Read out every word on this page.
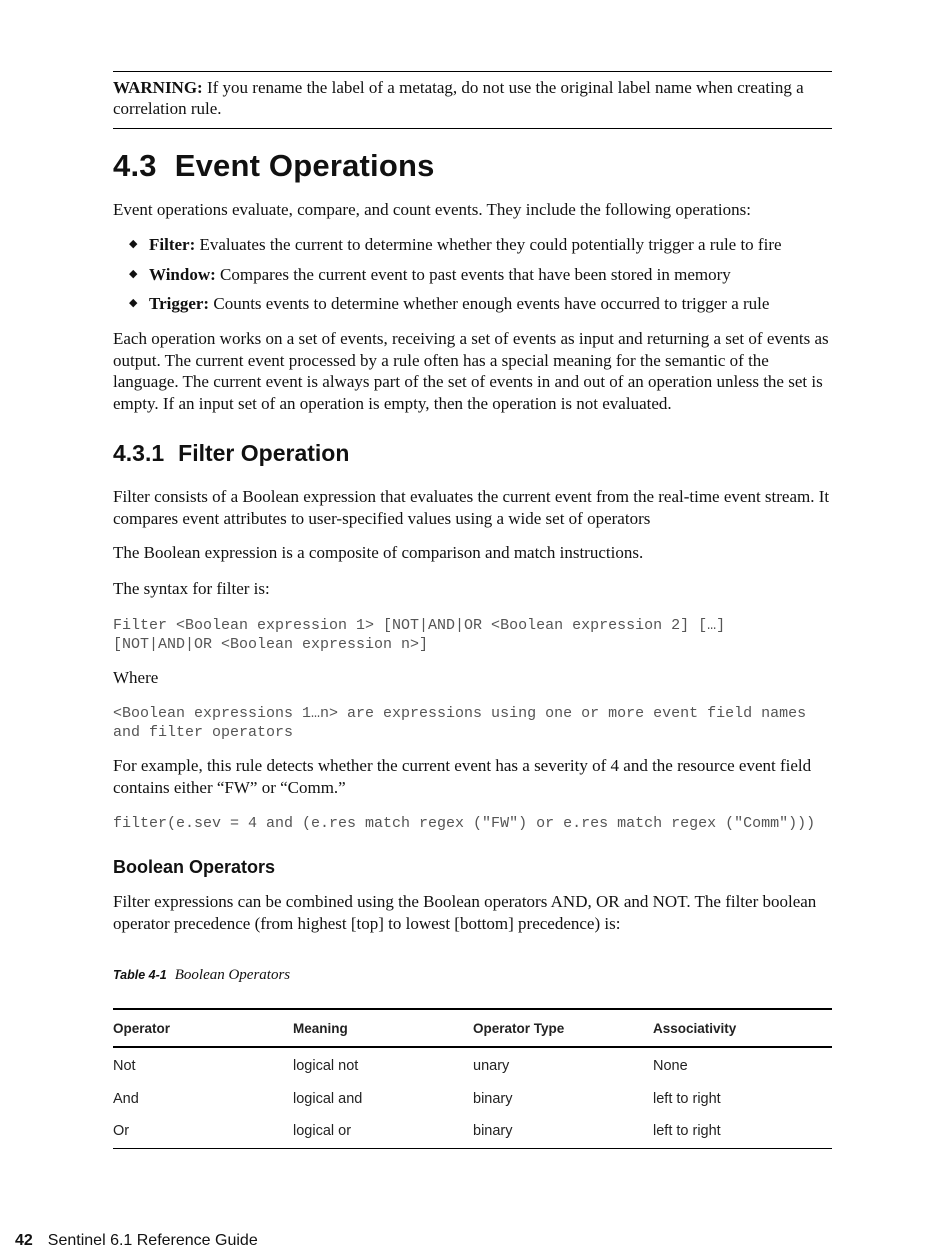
WARNING: If you rename the label of a metatag, do not use the original label name when creating a correlation rule.
4.3 Event Operations

Event operations evaluate, compare, and count events. They include the following operations:

◆ Filter: Evaluates the current to determine whether they could potentially trigger a rule to fire
◆ Window: Compares the current event to past events that have been stored in memory
◆ Trigger: Counts events to determine whether enough events have occurred to trigger a rule

Each operation works on a set of events, receiving a set of events as input and returning a set of events as output. The current event processed by a rule often has a special meaning for the semantic of the language. The current event is always part of the set of events in and out of an operation unless the set is empty. If an input set of an operation is empty, then the operation is not evaluated.

4.3.1 Filter Operation

Filter consists of a Boolean expression that evaluates the current event from the real-time event stream. It compares event attributes to user-specified values using a wide set of operators

The Boolean expression is a composite of comparison and match instructions.

The syntax for filter is:

Filter <Boolean expression 1> [NOT|AND|OR <Boolean expression 2] […]
[NOT|AND|OR <Boolean expression n>]

Where

<Boolean expressions 1…n> are expressions using one or more event field names
and filter operators

For example, this rule detects whether the current event has a severity of 4 and the resource event field contains either “FW” or “Comm.”

filter(e.sev = 4 and (e.res match regex ("FW") or e.res match regex ("Comm")))
Boolean Operators

Filter expressions can be combined using the Boolean operators AND, OR and NOT. The filter boolean operator precedence (from highest [top] to lowest [bottom] precedence) is:

Table 4-1 Boolean Operators
Operator	Meaning	Operator Type	Associativity
Not	logical not	unary	None
And	logical and	binary	left to right
Or	logical or	binary	left to right
42 Sentinel 6.1 Reference Guide
